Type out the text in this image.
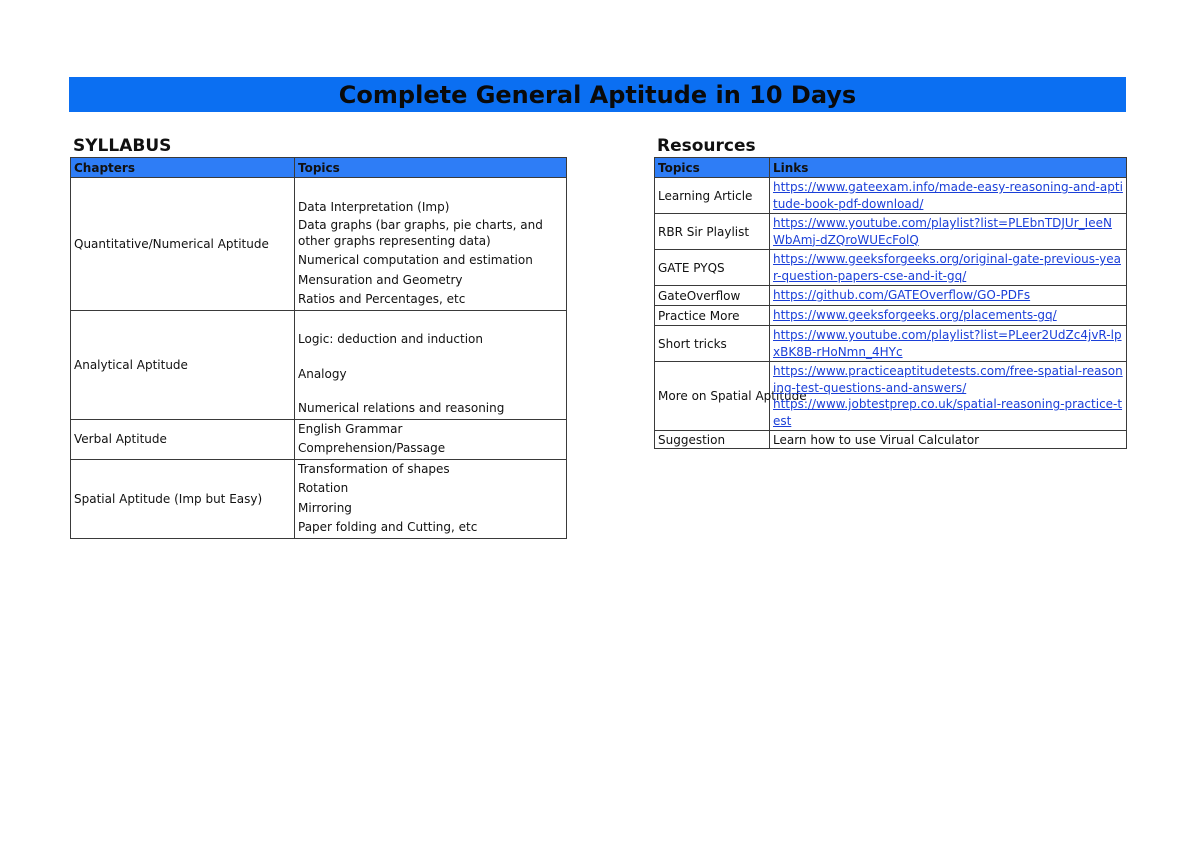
Complete General Aptitude in 10 Days
SYLLABUS	Resources
Chapters	Topics
Quantitative/Numerical Aptitude	Data Interpretation (Imp)
Data graphs (bar graphs, pie charts, and other graphs representing data)
Numerical computation and estimation
Mensuration and Geometry
Ratios and Percentages, etc

Analytical Aptitude	Logic: deduction and induction
Analogy
Numerical relations and reasoning

Verbal Aptitude	English Grammar
Comprehension/Passage

Spatial Aptitude (Imp but Easy)	Transformation of shapes
Rotation
Mirroring
Paper folding and Cutting, etc
Topics	Links
Learning Article	https://www.gateexam.info/made-easy-reasoning-and-aptitude-book-pdf-download/
RBR Sir Playlist	https://www.youtube.com/playlist?list=PLEbnTDJUr_IeeNWbAmj-dZQroWUEcFolQ
GATE PYQS	https://www.geeksforgeeks.org/original-gate-previous-year-question-papers-cse-and-it-gq/
GateOverflow	https://github.com/GATEOverflow/GO-PDFs
Practice More	https://www.geeksforgeeks.org/placements-gq/
Short tricks	https://www.youtube.com/playlist?list=PLeer2UdZc4jvR-lpxBK8B-rHoNmn_4HYc
More on Spatial Aptitude	https://www.practiceaptitudetests.com/free-spatial-reasoning-test-questions-and-answers/
https://www.jobtestprep.co.uk/spatial-reasoning-practice-test

Suggestion	Learn how to use Virual Calculator
